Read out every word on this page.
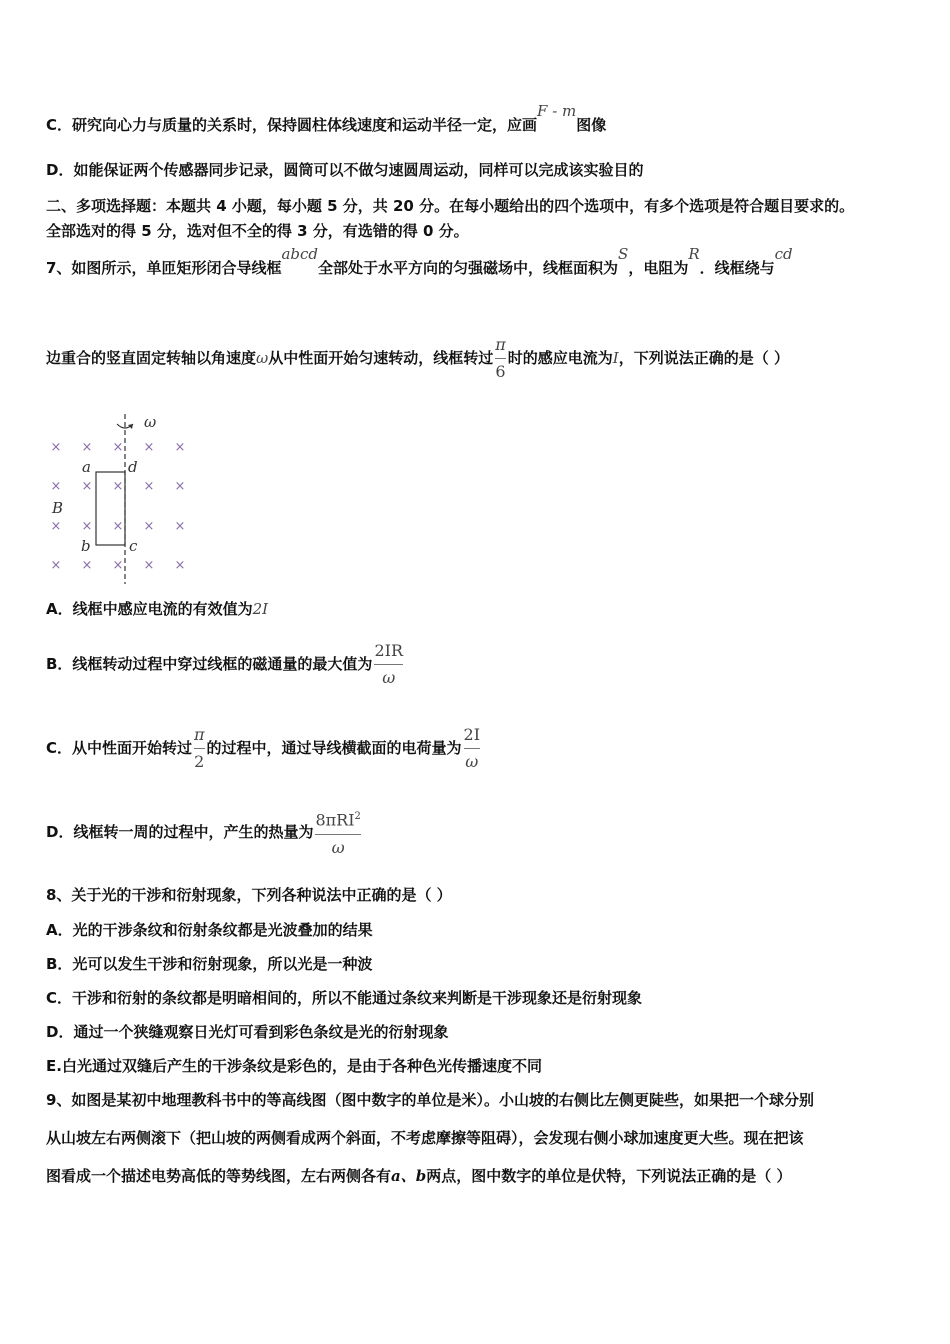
C．研究向心力与质量的关系时，保持圆柱体线速度和运动半径一定，应画F - m图像
D．如能保证两个传感器同步记录，圆筒可以不做匀速圆周运动，同样可以完成该实验目的
二、多项选择题：本题共 4 小题，每小题 5 分，共 20 分。在每小题给出的四个选项中，有多个选项是符合题目要求的。
全部选对的得 5 分，选对但不全的得 3 分，有选错的得 0 分。
7、如图所示，单匝矩形闭合导线框abcd全部处于水平方向的匀强磁场中，线框面积为S，电阻为R．线框绕与cd
边重合的竖直固定转轴以角速度ω从中性面开始匀速转动，线框转过 $\frac{\pi}{6}$ 时的感应电流为I，下列说法正确的是（ ）
× × × × ×
× × × × ×
× × × × ×
× × × × ×
ω
B
a d
b	c
A．线框中感应电流的有效值为2I
B．线框转动过程中穿过线框的磁通量的最大值为 $\frac{2IR}{\omega}$
C．从中性面开始转过 $\frac{\pi}{2}$ 的过程中，通过导线横截面的电荷量为 $\frac{2I}{\omega}$
D．线框转一周的过程中，产生的热量为 $\frac{8\pi RI^2}{\omega}$
8、关于光的干涉和衍射现象，下列各种说法中正确的是（ ）
A．光的干涉条纹和衍射条纹都是光波叠加的结果
B．光可以发生干涉和衍射现象，所以光是一种波
C．干涉和衍射的条纹都是明暗相间的，所以不能通过条纹来判断是干涉现象还是衍射现象
D．通过一个狭缝观察日光灯可看到彩色条纹是光的衍射现象
E.白光通过双缝后产生的干涉条纹是彩色的，是由于各种色光传播速度不同
9、如图是某初中地理教科书中的等高线图（图中数字的单位是米）。小山坡的右侧比左侧更陡些，如果把一个球分别
从山坡左右两侧滚下（把山坡的两侧看成两个斜面，不考虑摩擦等阻碍），会发现右侧小球加速度更大些。现在把该
图看成一个描述电势高低的等势线图，左右两侧各有a、b两点，图中数字的单位是伏特，下列说法正确的是（ ）
